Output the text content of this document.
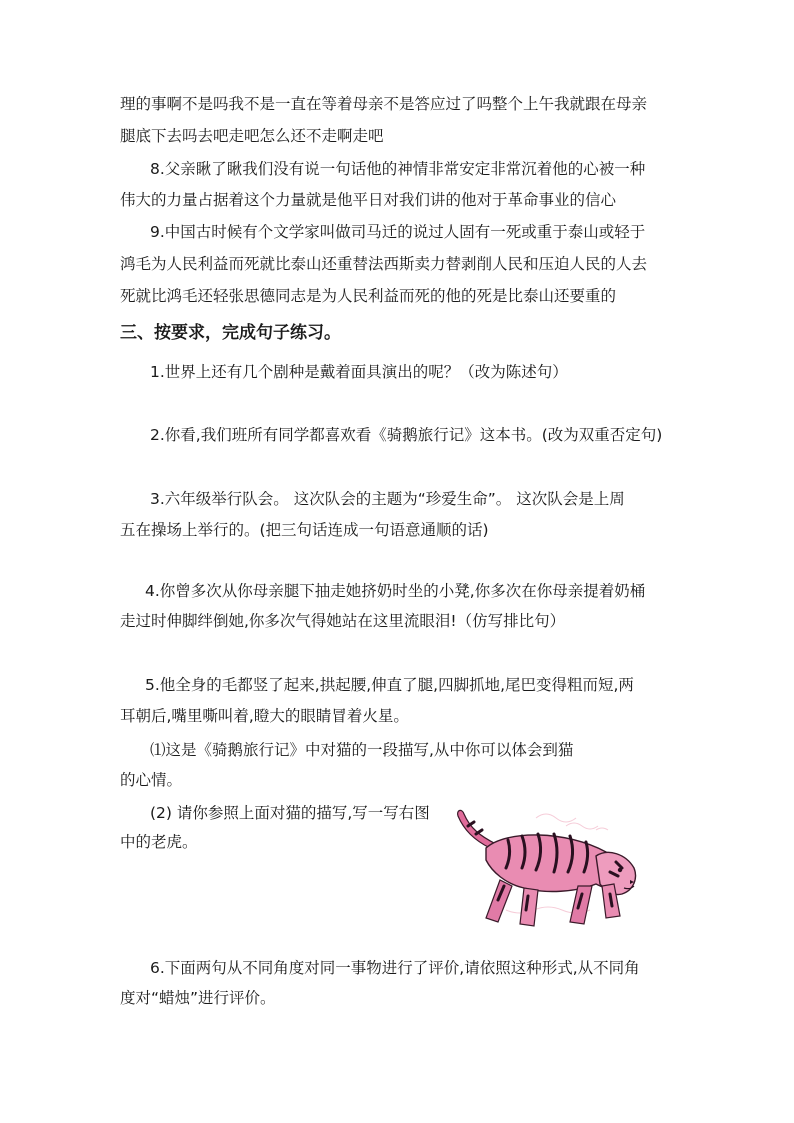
理的事啊不是吗我不是一直在等着母亲不是答应过了吗整个上午我就跟在母亲

腿底下去吗去吧走吧怎么还不走啊走吧

8.父亲瞅了瞅我们没有说一句话他的神情非常安定非常沉着他的心被一种

伟大的力量占据着这个力量就是他平日对我们讲的他对于革命事业的信心

9.中国古时候有个文学家叫做司马迁的说过人固有一死或重于泰山或轻于

鸿毛为人民利益而死就比泰山还重替法西斯卖力替剥削人民和压迫人民的人去

死就比鸿毛还轻张思德同志是为人民利益而死的他的死是比泰山还要重的

三、按要求，完成句子练习。

1.世界上还有几个剧种是戴着面具演出的呢？（改为陈述句）

2.你看,我们班所有同学都喜欢看《骑鹅旅行记》这本书。(改为双重否定句)

3.六年级举行队会。 这次队会的主题为“珍爱生命”。 这次队会是上周

五在操场上举行的。(把三句话连成一句语意通顺的话)

4.你曾多次从你母亲腿下抽走她挤奶时坐的小凳,你多次在你母亲提着奶桶

走过时伸脚绊倒她,你多次气得她站在这里流眼泪!（仿写排比句）

5.他全身的毛都竖了起来,拱起腰,伸直了腿,四脚抓地,尾巴变得粗而短,两

耳朝后,嘴里嘶叫着,瞪大的眼睛冒着火星。

⑴这是《骑鹅旅行记》中对猫的一段描写,从中你可以体会到猫

的心情。

(2) 请你参照上面对猫的描写,写一写右图

中的老虎。

6.下面两句从不同角度对同一事物进行了评价,请依照这种形式,从不同角

度对“蜡烛”进行评价。
